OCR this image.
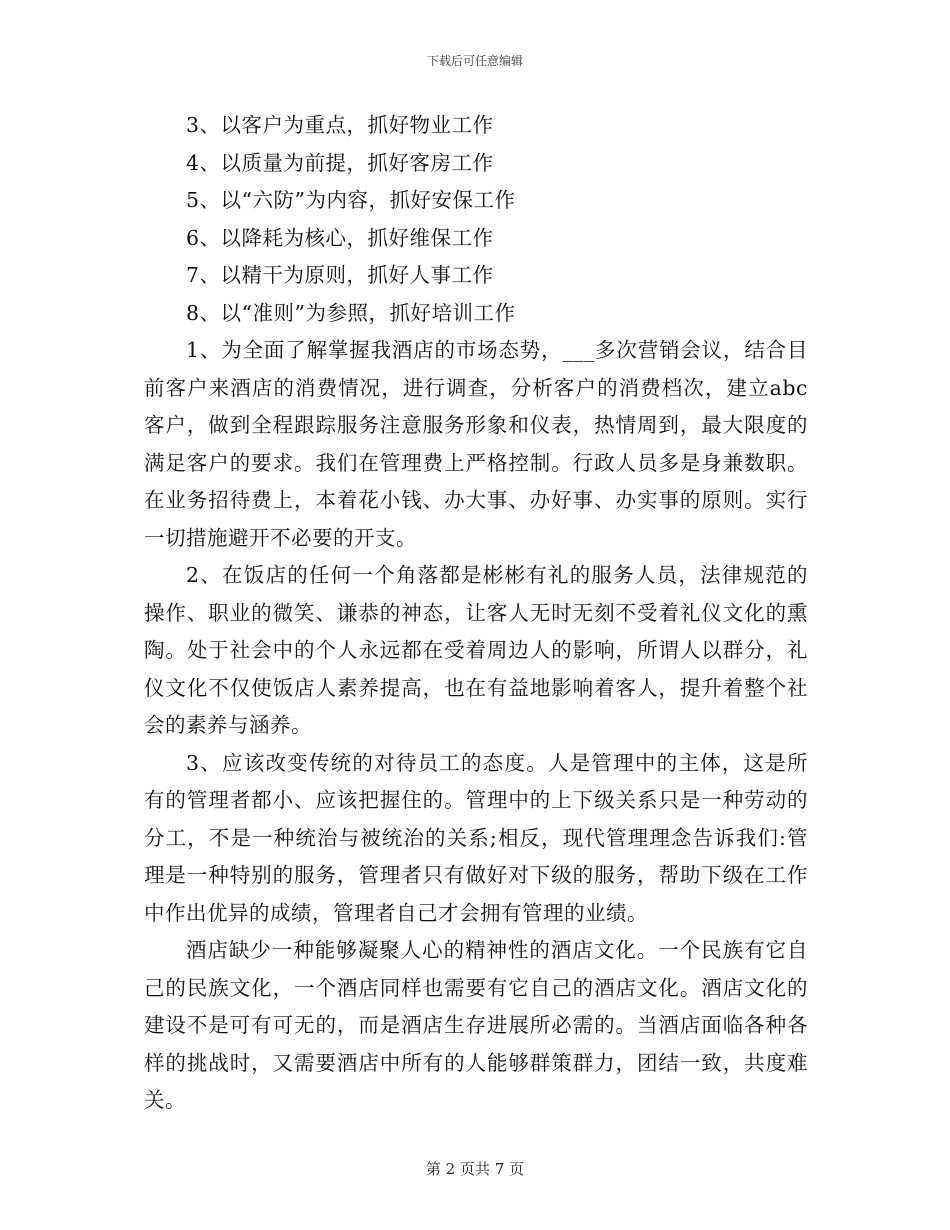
下载后可任意编辑

3、以客户为重点，抓好物业工作

4、以质量为前提，抓好客房工作

5、以“六防”为内容，抓好安保工作

6、以降耗为核心，抓好维保工作

7、以精干为原则，抓好人事工作

8、以“准则”为参照，抓好培训工作

1、为全面了解掌握我酒店的市场态势，___多次营销会议，结合目前客户来酒店的消费情况，进行调查，分析客户的消费档次，建立abc客户，做到全程跟踪服务注意服务形象和仪表，热情周到，最大限度的满足客户的要求。我们在管理费上严格控制。行政人员多是身兼数职。在业务招待费上，本着花小钱、办大事、办好事、办实事的原则。实行一切措施避开不必要的开支。

2、在饭店的任何一个角落都是彬彬有礼的服务人员，法律规范的操作、职业的微笑、谦恭的神态，让客人无时无刻不受着礼仪文化的熏陶。处于社会中的个人永远都在受着周边人的影响，所谓人以群分，礼仪文化不仅使饭店人素养提高，也在有益地影响着客人，提升着整个社会的素养与涵养。

3、应该改变传统的对待员工的态度。人是管理中的主体，这是所有的管理者都小、应该把握住的。管理中的上下级关系只是一种劳动的分工，不是一种统治与被统治的关系;相反，现代管理理念告诉我们:管理是一种特别的服务，管理者只有做好对下级的服务，帮助下级在工作中作出优异的成绩，管理者自己才会拥有管理的业绩。

酒店缺少一种能够凝聚人心的精神性的酒店文化。一个民族有它自己的民族文化，一个酒店同样也需要有它自己的酒店文化。酒店文化的建设不是可有可无的，而是酒店生存进展所必需的。当酒店面临各种各样的挑战时，又需要酒店中所有的人能够群策群力，团结一致，共度难关。

第 2 页共 7 页
